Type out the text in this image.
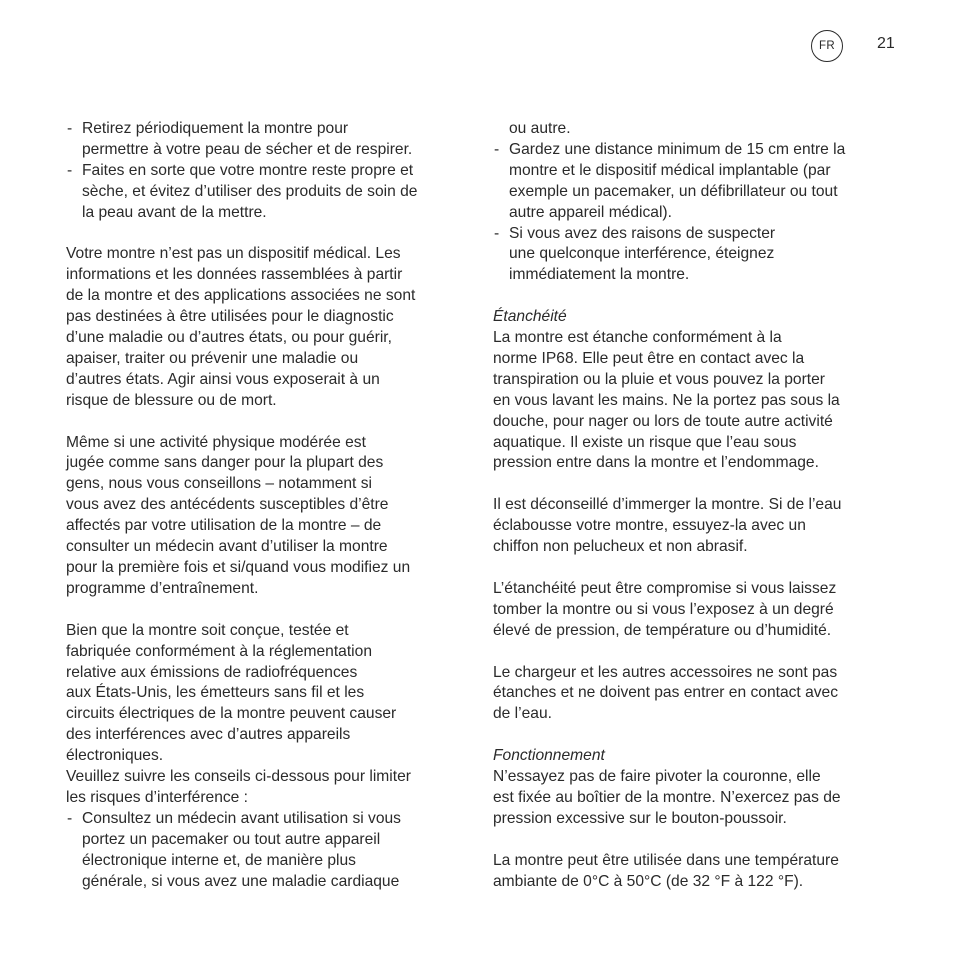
FR	21
- Retirez périodiquement la montre pour
permettre à votre peau de sécher et de respirer.
- Faites en sorte que votre montre reste propre et
sèche, et évitez d’utiliser des produits de soin de
la peau avant de la mettre.

Votre montre n’est pas un dispositif médical. Les
informations et les données rassemblées à partir
de la montre et des applications associées ne sont
pas destinées à être utilisées pour le diagnostic
d’une maladie ou d’autres états, ou pour guérir,
apaiser, traiter ou prévenir une maladie ou
d’autres états. Agir ainsi vous exposerait à un
risque de blessure ou de mort.

Même si une activité physique modérée est
jugée comme sans danger pour la plupart des
gens, nous vous conseillons – notamment si
vous avez des antécédents susceptibles d’être
affectés par votre utilisation de la montre – de
consulter un médecin avant d’utiliser la montre
pour la première fois et si/quand vous modifiez un
programme d’entraînement.

Bien que la montre soit conçue, testée et
fabriquée conformément à la réglementation
relative aux émissions de radiofréquences
aux États-Unis, les émetteurs sans fil et les
circuits électriques de la montre peuvent causer
des interférences avec d’autres appareils
électroniques.
Veuillez suivre les conseils ci-dessous pour limiter
les risques d’interférence :

- Consultez un médecin avant utilisation si vous
portez un pacemaker ou tout autre appareil
électronique interne et, de manière plus
générale, si vous avez une maladie cardiaque
ou autre.
- Gardez une distance minimum de 15 cm entre la
montre et le dispositif médical implantable (par
exemple un pacemaker, un défibrillateur ou tout
autre appareil médical).
- Si vous avez des raisons de suspecter
une quelconque interférence, éteignez
immédiatement la montre.

Étanchéité

La montre est étanche conformément à la
norme IP68. Elle peut être en contact avec la
transpiration ou la pluie et vous pouvez la porter
en vous lavant les mains. Ne la portez pas sous la
douche, pour nager ou lors de toute autre activité
aquatique. Il existe un risque que l’eau sous
pression entre dans la montre et l’endommage.

Il est déconseillé d’immerger la montre. Si de l’eau
éclabousse votre montre, essuyez-la avec un
chiffon non pelucheux et non abrasif.

L’étanchéité peut être compromise si vous laissez
tomber la montre ou si vous l’exposez à un degré
élevé de pression, de température ou d’humidité.

Le chargeur et les autres accessoires ne sont pas
étanches et ne doivent pas entrer en contact avec
de l’eau.

Fonctionnement

N’essayez pas de faire pivoter la couronne, elle
est fixée au boîtier de la montre. N’exercez pas de
pression excessive sur le bouton-poussoir.

La montre peut être utilisée dans une température
ambiante de 0°C à 50°C (de 32 °F à 122 °F).
